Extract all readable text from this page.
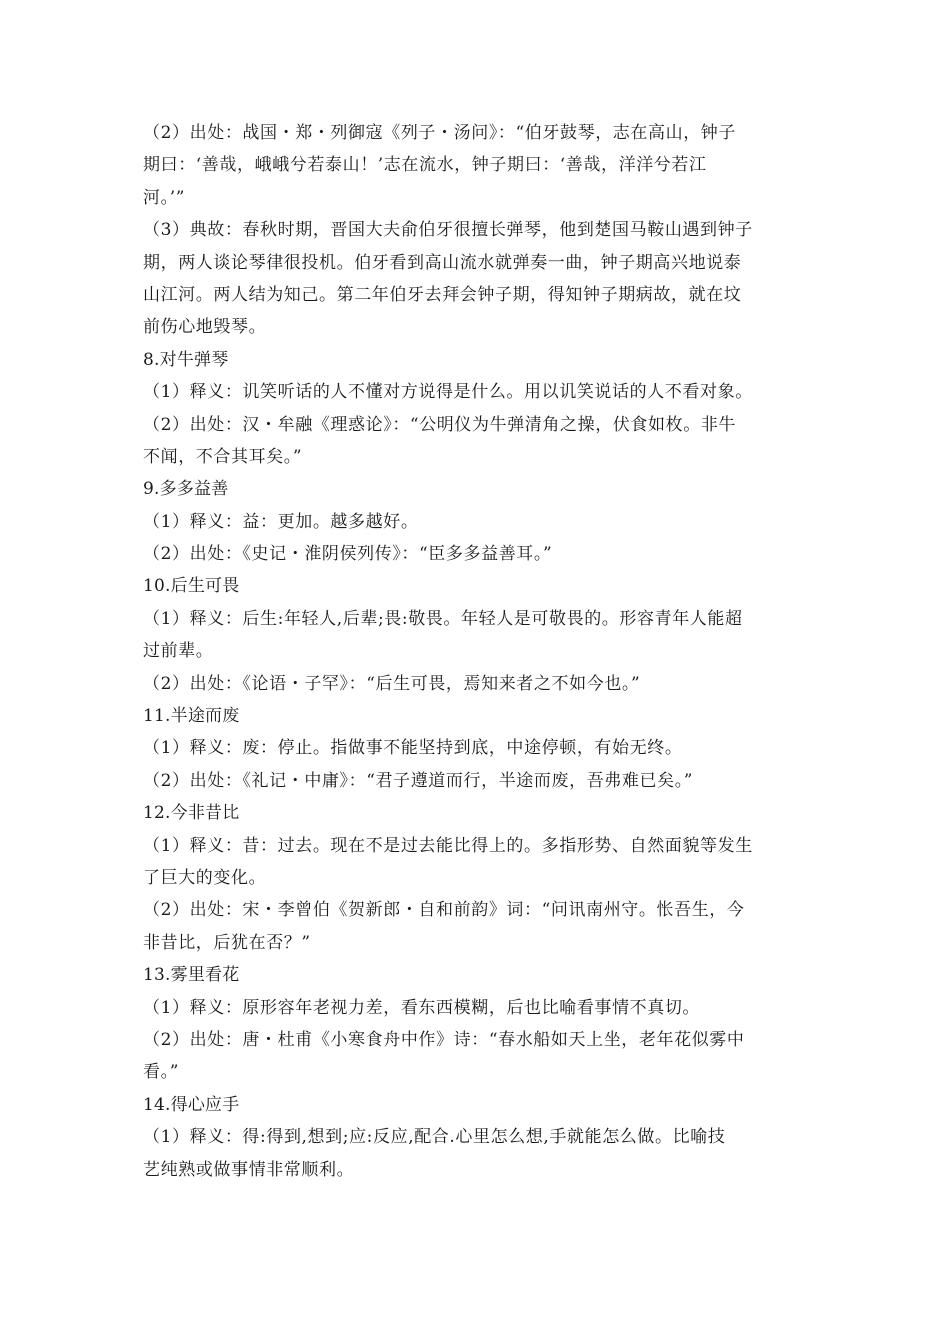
（2）出处：战国・郑・列御寇《列子・汤问》：“伯牙鼓琴，志在高山，钟子
期曰：‘善哉，峨峨兮若泰山！’志在流水，钟子期曰：‘善哉，洋洋兮若江
河。’”
（3）典故：春秋时期，晋国大夫俞伯牙很擅长弹琴，他到楚国马鞍山遇到钟子
期，两人谈论琴律很投机。伯牙看到高山流水就弹奏一曲，钟子期高兴地说泰
山江河。两人结为知己。第二年伯牙去拜会钟子期，得知钟子期病故，就在坟
前伤心地毁琴。
8.对牛弹琴
（1）释义：讥笑听话的人不懂对方说得是什么。用以讥笑说话的人不看对象。
（2）出处：汉・牟融《理惑论》：“公明仪为牛弹清角之操，伏食如枚。非牛
不闻，不合其耳矣。”
9.多多益善
（1）释义：益：更加。越多越好。
（2）出处：《史记・淮阴侯列传》：“臣多多益善耳。”
10.后生可畏
（1）释义：后生:年轻人,后辈;畏:敬畏。年轻人是可敬畏的。形容青年人能超
过前辈。
（2）出处：《论语・子罕》：“后生可畏，焉知来者之不如今也。”
11.半途而废
（1）释义：废：停止。指做事不能坚持到底，中途停顿，有始无终。
（2）出处：《礼记・中庸》：“君子遵道而行，半途而废，吾弗难已矣。”
12.今非昔比
（1）释义：昔：过去。现在不是过去能比得上的。多指形势、自然面貌等发生
了巨大的变化。
（2）出处：宋・李曾伯《贺新郎・自和前韵》词：“问讯南州守。怅吾生，今
非昔比，后犹在否？”
13.雾里看花
（1）释义：原形容年老视力差，看东西模糊，后也比喻看事情不真切。
（2）出处：唐・杜甫《小寒食舟中作》诗：“春水船如天上坐，老年花似雾中
看。”
14.得心应手
（1）释义：得:得到,想到;应:反应,配合.心里怎么想,手就能怎么做。比喻技
艺纯熟或做事情非常顺利。
